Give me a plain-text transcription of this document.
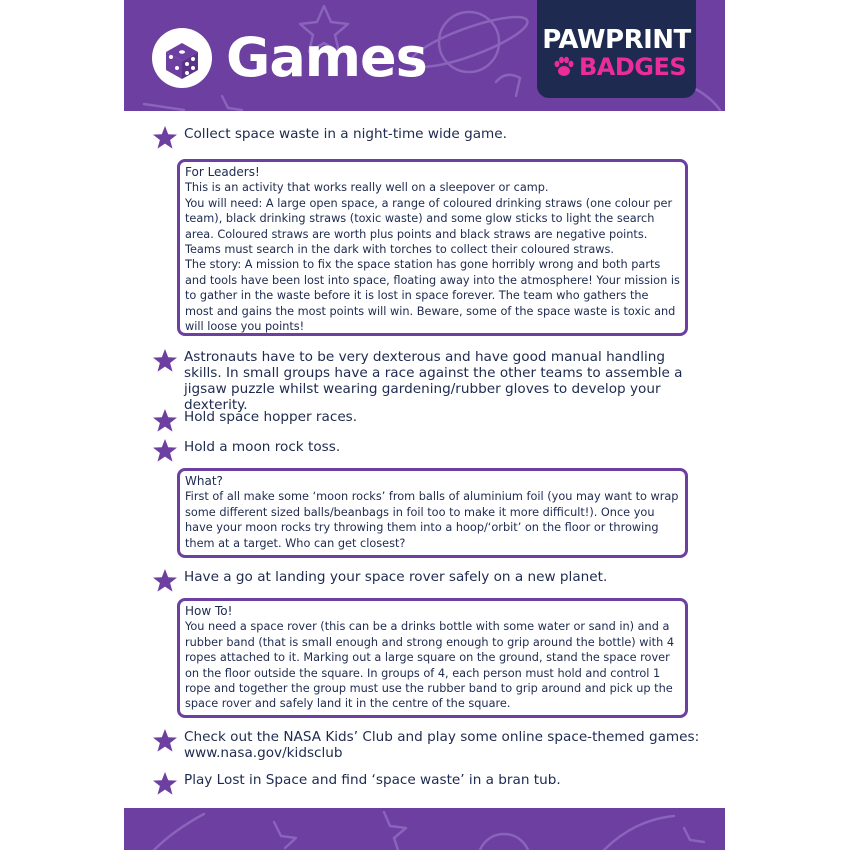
Games	PAWPRINT
BADGES
Collect space waste in a night-time wide game.

For Leaders!

This is an activity that works really well on a sleepover or camp.

You will need: A large open space, a range of coloured drinking straws (one colour per team), black drinking straws (toxic waste) and some glow sticks to light the search area. Coloured straws are worth plus points and black straws are negative points. Teams must search in the dark with torches to collect their coloured straws.

The story: A mission to fix the space station has gone horribly wrong and both parts and tools have been lost into space, floating away into the atmosphere! Your mission is to gather in the waste before it is lost in space forever. The team who gathers the most and gains the most points will win. Beware, some of the space waste is toxic and will loose you points!

Astronauts have to be very dexterous and have good manual handling skills. In small groups have a race against the other teams to assemble a jigsaw puzzle whilst wearing gardening/rubber gloves to develop your dexterity.
Hold space hopper races.
Hold a moon rock toss.

What?

First of all make some ‘moon rocks’ from balls of aluminium foil (you may want to wrap some different sized balls/beanbags in foil too to make it more difficult!). Once you have your moon rocks try throwing them into a hoop/‘orbit’ on the floor or throwing them at a target. Who can get closest?

Have a go at landing your space rover safely on a new planet.

How To!

You need a space rover (this can be a drinks bottle with some water or sand in) and a rubber band (that is small enough and strong enough to grip around the bottle) with 4 ropes attached to it. Marking out a large square on the ground, stand the space rover on the floor outside the square. In groups of 4, each person must hold and control 1 rope and together the group must use the rubber band to grip around and pick up the space rover and safely land it in the centre of the square.

Check out the NASA Kids’ Club and play some online space-themed games: www.nasa.gov/kidsclub
Play Lost in Space and find ‘space waste’ in a bran tub.
